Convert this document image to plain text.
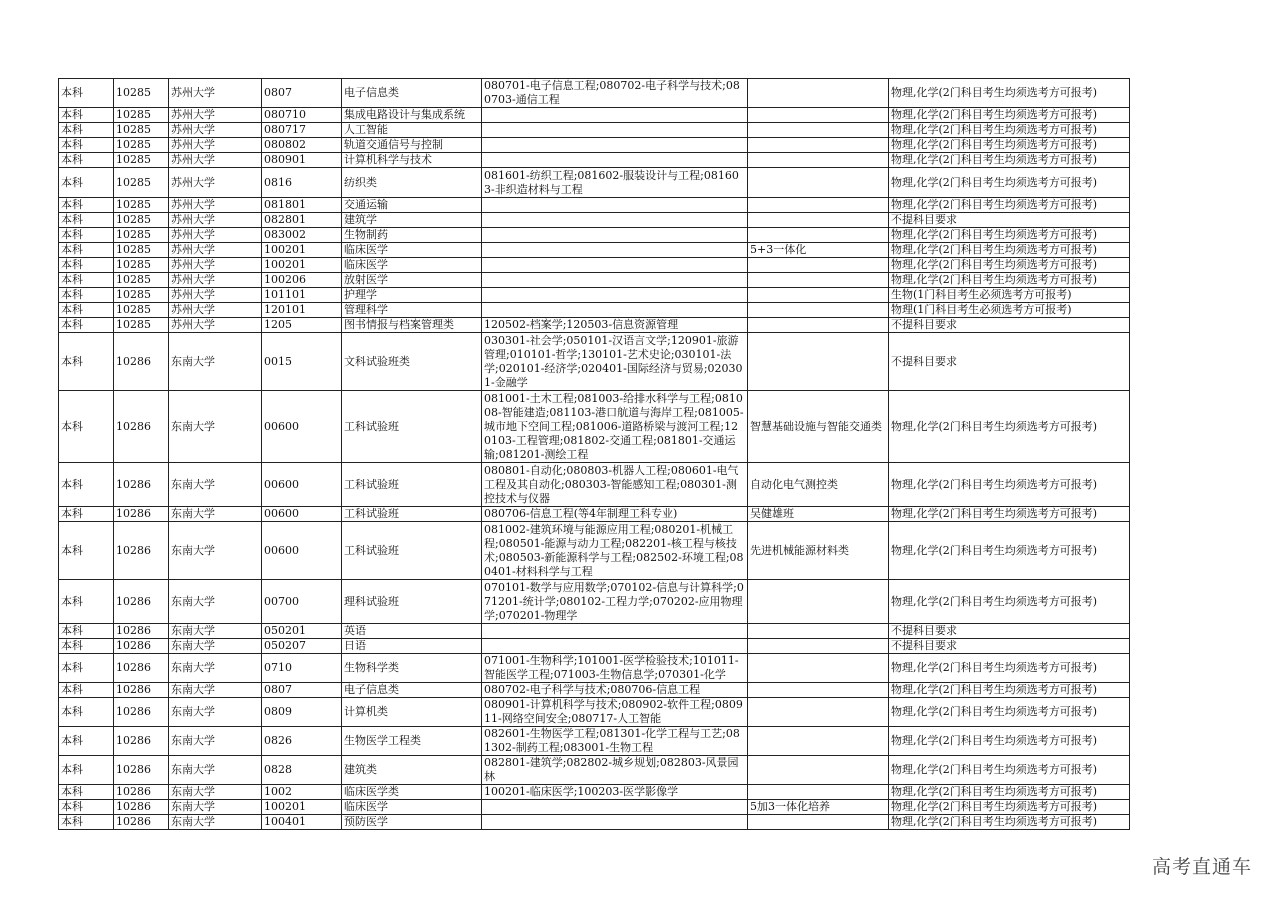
本科	10285	苏州大学	0807	电子信息类	080701-电子信息工程;080702-电子科学与技术;080703-通信工程		物理,化学(2门科目考生均须选考方可报考)
本科	10285	苏州大学	080710	集成电路设计与集成系统			物理,化学(2门科目考生均须选考方可报考)
本科	10285	苏州大学	080717	人工智能			物理,化学(2门科目考生均须选考方可报考)
本科	10285	苏州大学	080802	轨道交通信号与控制			物理,化学(2门科目考生均须选考方可报考)
本科	10285	苏州大学	080901	计算机科学与技术			物理,化学(2门科目考生均须选考方可报考)
本科	10285	苏州大学	0816	纺织类	081601-纺织工程;081602-服装设计与工程;081603-非织造材料与工程		物理,化学(2门科目考生均须选考方可报考)
本科	10285	苏州大学	081801	交通运输			物理,化学(2门科目考生均须选考方可报考)
本科	10285	苏州大学	082801	建筑学			不提科目要求
本科	10285	苏州大学	083002	生物制药			物理,化学(2门科目考生均须选考方可报考)
本科	10285	苏州大学	100201	临床医学		5+3一体化	物理,化学(2门科目考生均须选考方可报考)
本科	10285	苏州大学	100201	临床医学			物理,化学(2门科目考生均须选考方可报考)
本科	10285	苏州大学	100206	放射医学			物理,化学(2门科目考生均须选考方可报考)
本科	10285	苏州大学	101101	护理学			生物(1门科目考生必须选考方可报考)
本科	10285	苏州大学	120101	管理科学			物理(1门科目考生必须选考方可报考)
本科	10285	苏州大学	1205	图书情报与档案管理类	120502-档案学;120503-信息资源管理		不提科目要求
本科	10286	东南大学	0015	文科试验班类	030301-社会学;050101-汉语言文学;120901-旅游管理;010101-哲学;130101-艺术史论;030101-法学;020101-经济学;020401-国际经济与贸易;020301-金融学		不提科目要求
本科	10286	东南大学	00600	工科试验班	081001-土木工程;081003-给排水科学与工程;081008-智能建造;081103-港口航道与海岸工程;081005-城市地下空间工程;081006-道路桥梁与渡河工程;120103-工程管理;081802-交通工程;081801-交通运输;081201-测绘工程	智慧基础设施与智能交通类	物理,化学(2门科目考生均须选考方可报考)
本科	10286	东南大学	00600	工科试验班	080801-自动化;080803-机器人工程;080601-电气工程及其自动化;080303-智能感知工程;080301-测控技术与仪器	自动化电气测控类	物理,化学(2门科目考生均须选考方可报考)
本科	10286	东南大学	00600	工科试验班	080706-信息工程(等4年制理工科专业)	吴健雄班	物理,化学(2门科目考生均须选考方可报考)
本科	10286	东南大学	00600	工科试验班	081002-建筑环境与能源应用工程;080201-机械工程;080501-能源与动力工程;082201-核工程与核技术;080503-新能源科学与工程;082502-环境工程;080401-材料科学与工程	先进机械能源材料类	物理,化学(2门科目考生均须选考方可报考)
本科	10286	东南大学	00700	理科试验班	070101-数学与应用数学;070102-信息与计算科学;071201-统计学;080102-工程力学;070202-应用物理学;070201-物理学		物理,化学(2门科目考生均须选考方可报考)
本科	10286	东南大学	050201	英语			不提科目要求
本科	10286	东南大学	050207	日语			不提科目要求
本科	10286	东南大学	0710	生物科学类	071001-生物科学;101001-医学检验技术;101011-智能医学工程;071003-生物信息学;070301-化学		物理,化学(2门科目考生均须选考方可报考)
本科	10286	东南大学	0807	电子信息类	080702-电子科学与技术;080706-信息工程		物理,化学(2门科目考生均须选考方可报考)
本科	10286	东南大学	0809	计算机类	080901-计算机科学与技术;080902-软件工程;080911-网络空间安全;080717-人工智能		物理,化学(2门科目考生均须选考方可报考)
本科	10286	东南大学	0826	生物医学工程类	082601-生物医学工程;081301-化学工程与工艺;081302-制药工程;083001-生物工程		物理,化学(2门科目考生均须选考方可报考)
本科	10286	东南大学	0828	建筑类	082801-建筑学;082802-城乡规划;082803-风景园林		物理,化学(2门科目考生均须选考方可报考)
本科	10286	东南大学	1002	临床医学类	100201-临床医学;100203-医学影像学		物理,化学(2门科目考生均须选考方可报考)
本科	10286	东南大学	100201	临床医学		5加3一体化培养	物理,化学(2门科目考生均须选考方可报考)
本科	10286	东南大学	100401	预防医学			物理,化学(2门科目考生均须选考方可报考)
高考直通车
